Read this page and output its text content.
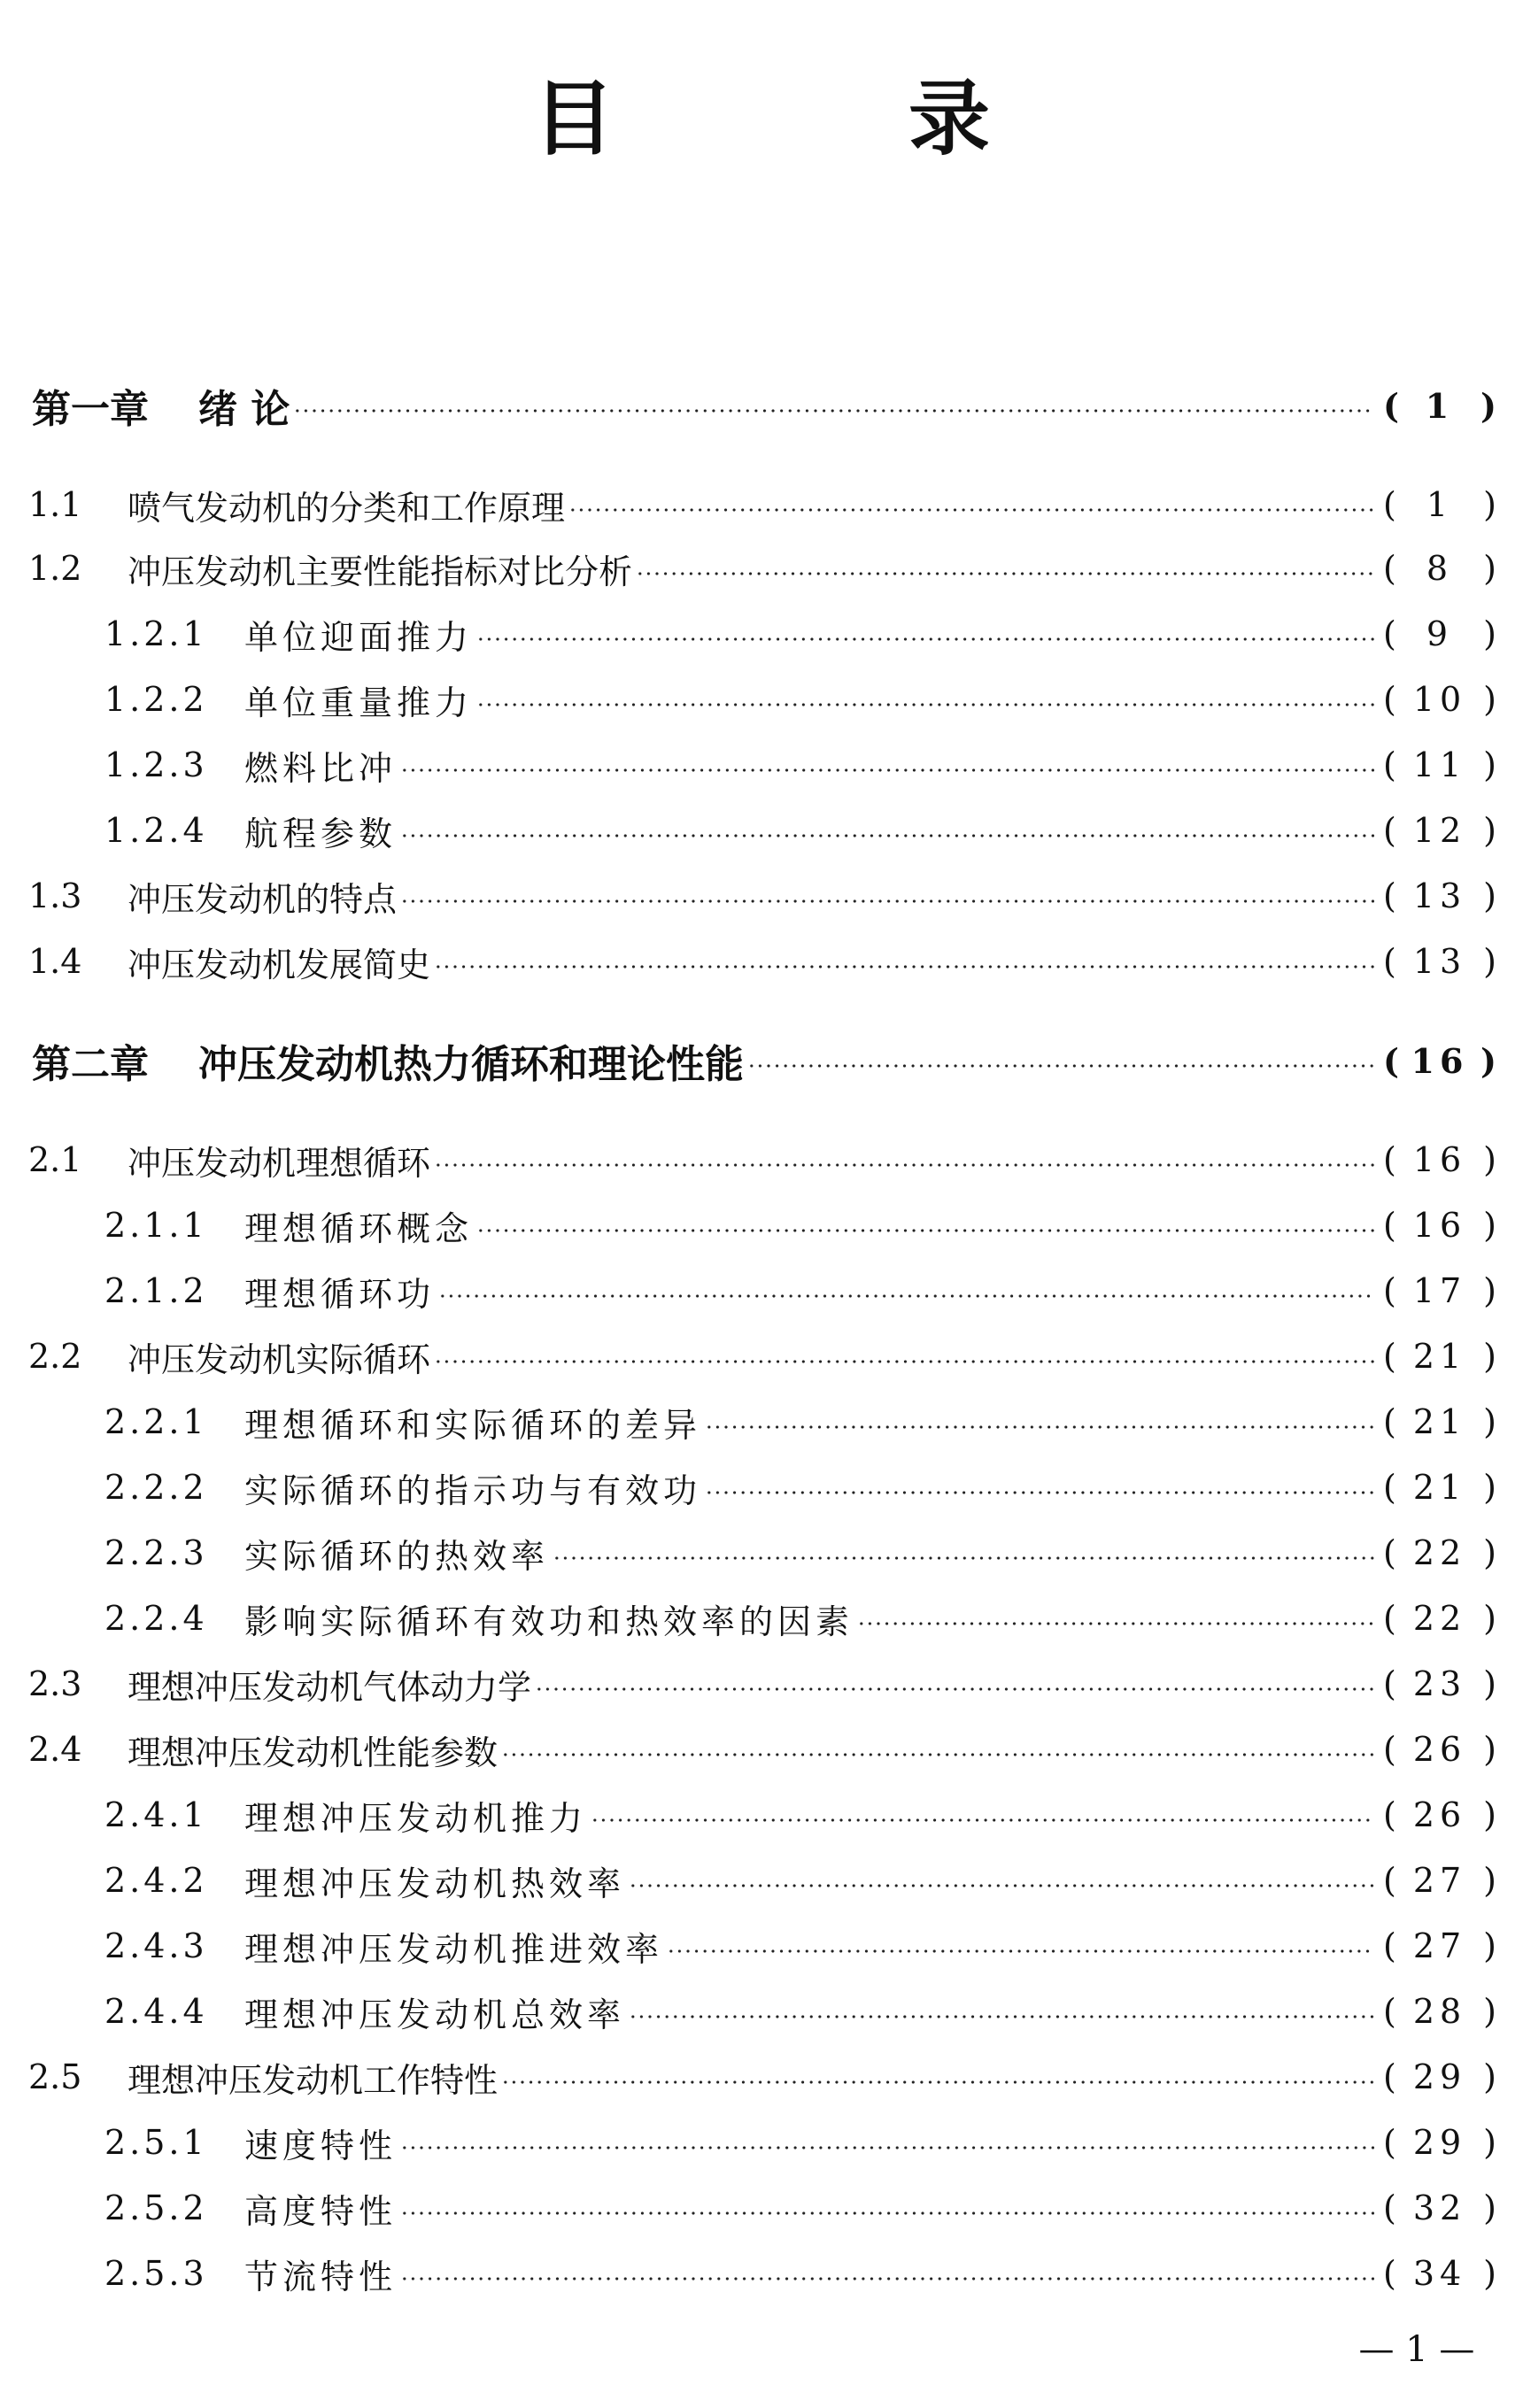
目 录
第一章 绪 论	( 1 )
1.1	喷气发动机的分类和工作原理	( 1 )
1.2	冲压发动机主要性能指标对比分析	( 8 )
1.2.1	单位迎面推力	( 9 )
1.2.2	单位重量推力	( 10 )
1.2.3	燃料比冲	( 11 )
1.2.4	航程参数	( 12 )
1.3	冲压发动机的特点	( 13 )
1.4	冲压发动机发展简史	( 13 )
第二章 冲压发动机热力循环和理论性能	( 16 )
2.1	冲压发动机理想循环	( 16 )
2.1.1	理想循环概念	( 16 )
2.1.2	理想循环功	( 17 )
2.2	冲压发动机实际循环	( 21 )
2.2.1	理想循环和实际循环的差异	( 21 )
2.2.2	实际循环的指示功与有效功	( 21 )
2.2.3	实际循环的热效率	( 22 )
2.2.4	影响实际循环有效功和热效率的因素	( 22 )
2.3	理想冲压发动机气体动力学	( 23 )
2.4	理想冲压发动机性能参数	( 26 )
2.4.1	理想冲压发动机推力	( 26 )
2.4.2	理想冲压发动机热效率	( 27 )
2.4.3	理想冲压发动机推进效率	( 27 )
2.4.4	理想冲压发动机总效率	( 28 )
2.5	理想冲压发动机工作特性	( 29 )
2.5.1	速度特性	( 29 )
2.5.2	高度特性	( 32 )
2.5.3	节流特性	( 34 )
— 1 —
